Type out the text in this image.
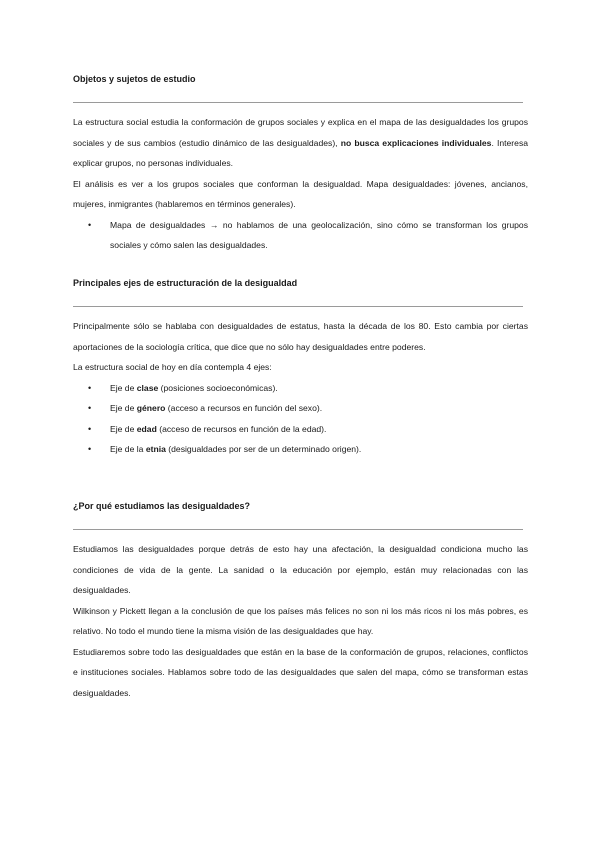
Objetos y sujetos de estudio

La estructura social estudia la conformación de grupos sociales y explica en el mapa de las desigualdades los grupos sociales y de sus cambios (estudio dinámico de las desigualdades), no busca explicaciones individuales. Interesa explicar grupos, no personas individuales.

El análisis es ver a los grupos sociales que conforman la desigualdad. Mapa desigualdades: jóvenes, ancianos, mujeres, inmigrantes (hablaremos en términos generales).

• Mapa de desigualdades → no hablamos de una geolocalización, sino cómo se transforman los grupos sociales y cómo salen las desigualdades.
Principales ejes de estructuración de la desigualdad

Principalmente sólo se hablaba con desigualdades de estatus, hasta la década de los 80. Esto cambia por ciertas aportaciones de la sociología crítica, que dice que no sólo hay desigualdades entre poderes.

La estructura social de hoy en día contempla 4 ejes:

• Eje de clase (posiciones socioeconómicas).
• Eje de género (acceso a recursos en función del sexo).
• Eje de edad (acceso de recursos en función de la edad).
• Eje de la etnia (desigualdades por ser de un determinado origen).
¿Por qué estudiamos las desigualdades?

Estudiamos las desigualdades porque detrás de esto hay una afectación, la desigualdad condiciona mucho las condiciones de vida de la gente. La sanidad o la educación por ejemplo, están muy relacionadas con las desigualdades.

Wilkinson y Pickett llegan a la conclusión de que los países más felices no son ni los más ricos ni los más pobres, es relativo. No todo el mundo tiene la misma visión de las desigualdades que hay.

Estudiaremos sobre todo las desigualdades que están en la base de la conformación de grupos, relaciones, conflictos e instituciones sociales. Hablamos sobre todo de las desigualdades que salen del mapa, cómo se transforman estas desigualdades.
